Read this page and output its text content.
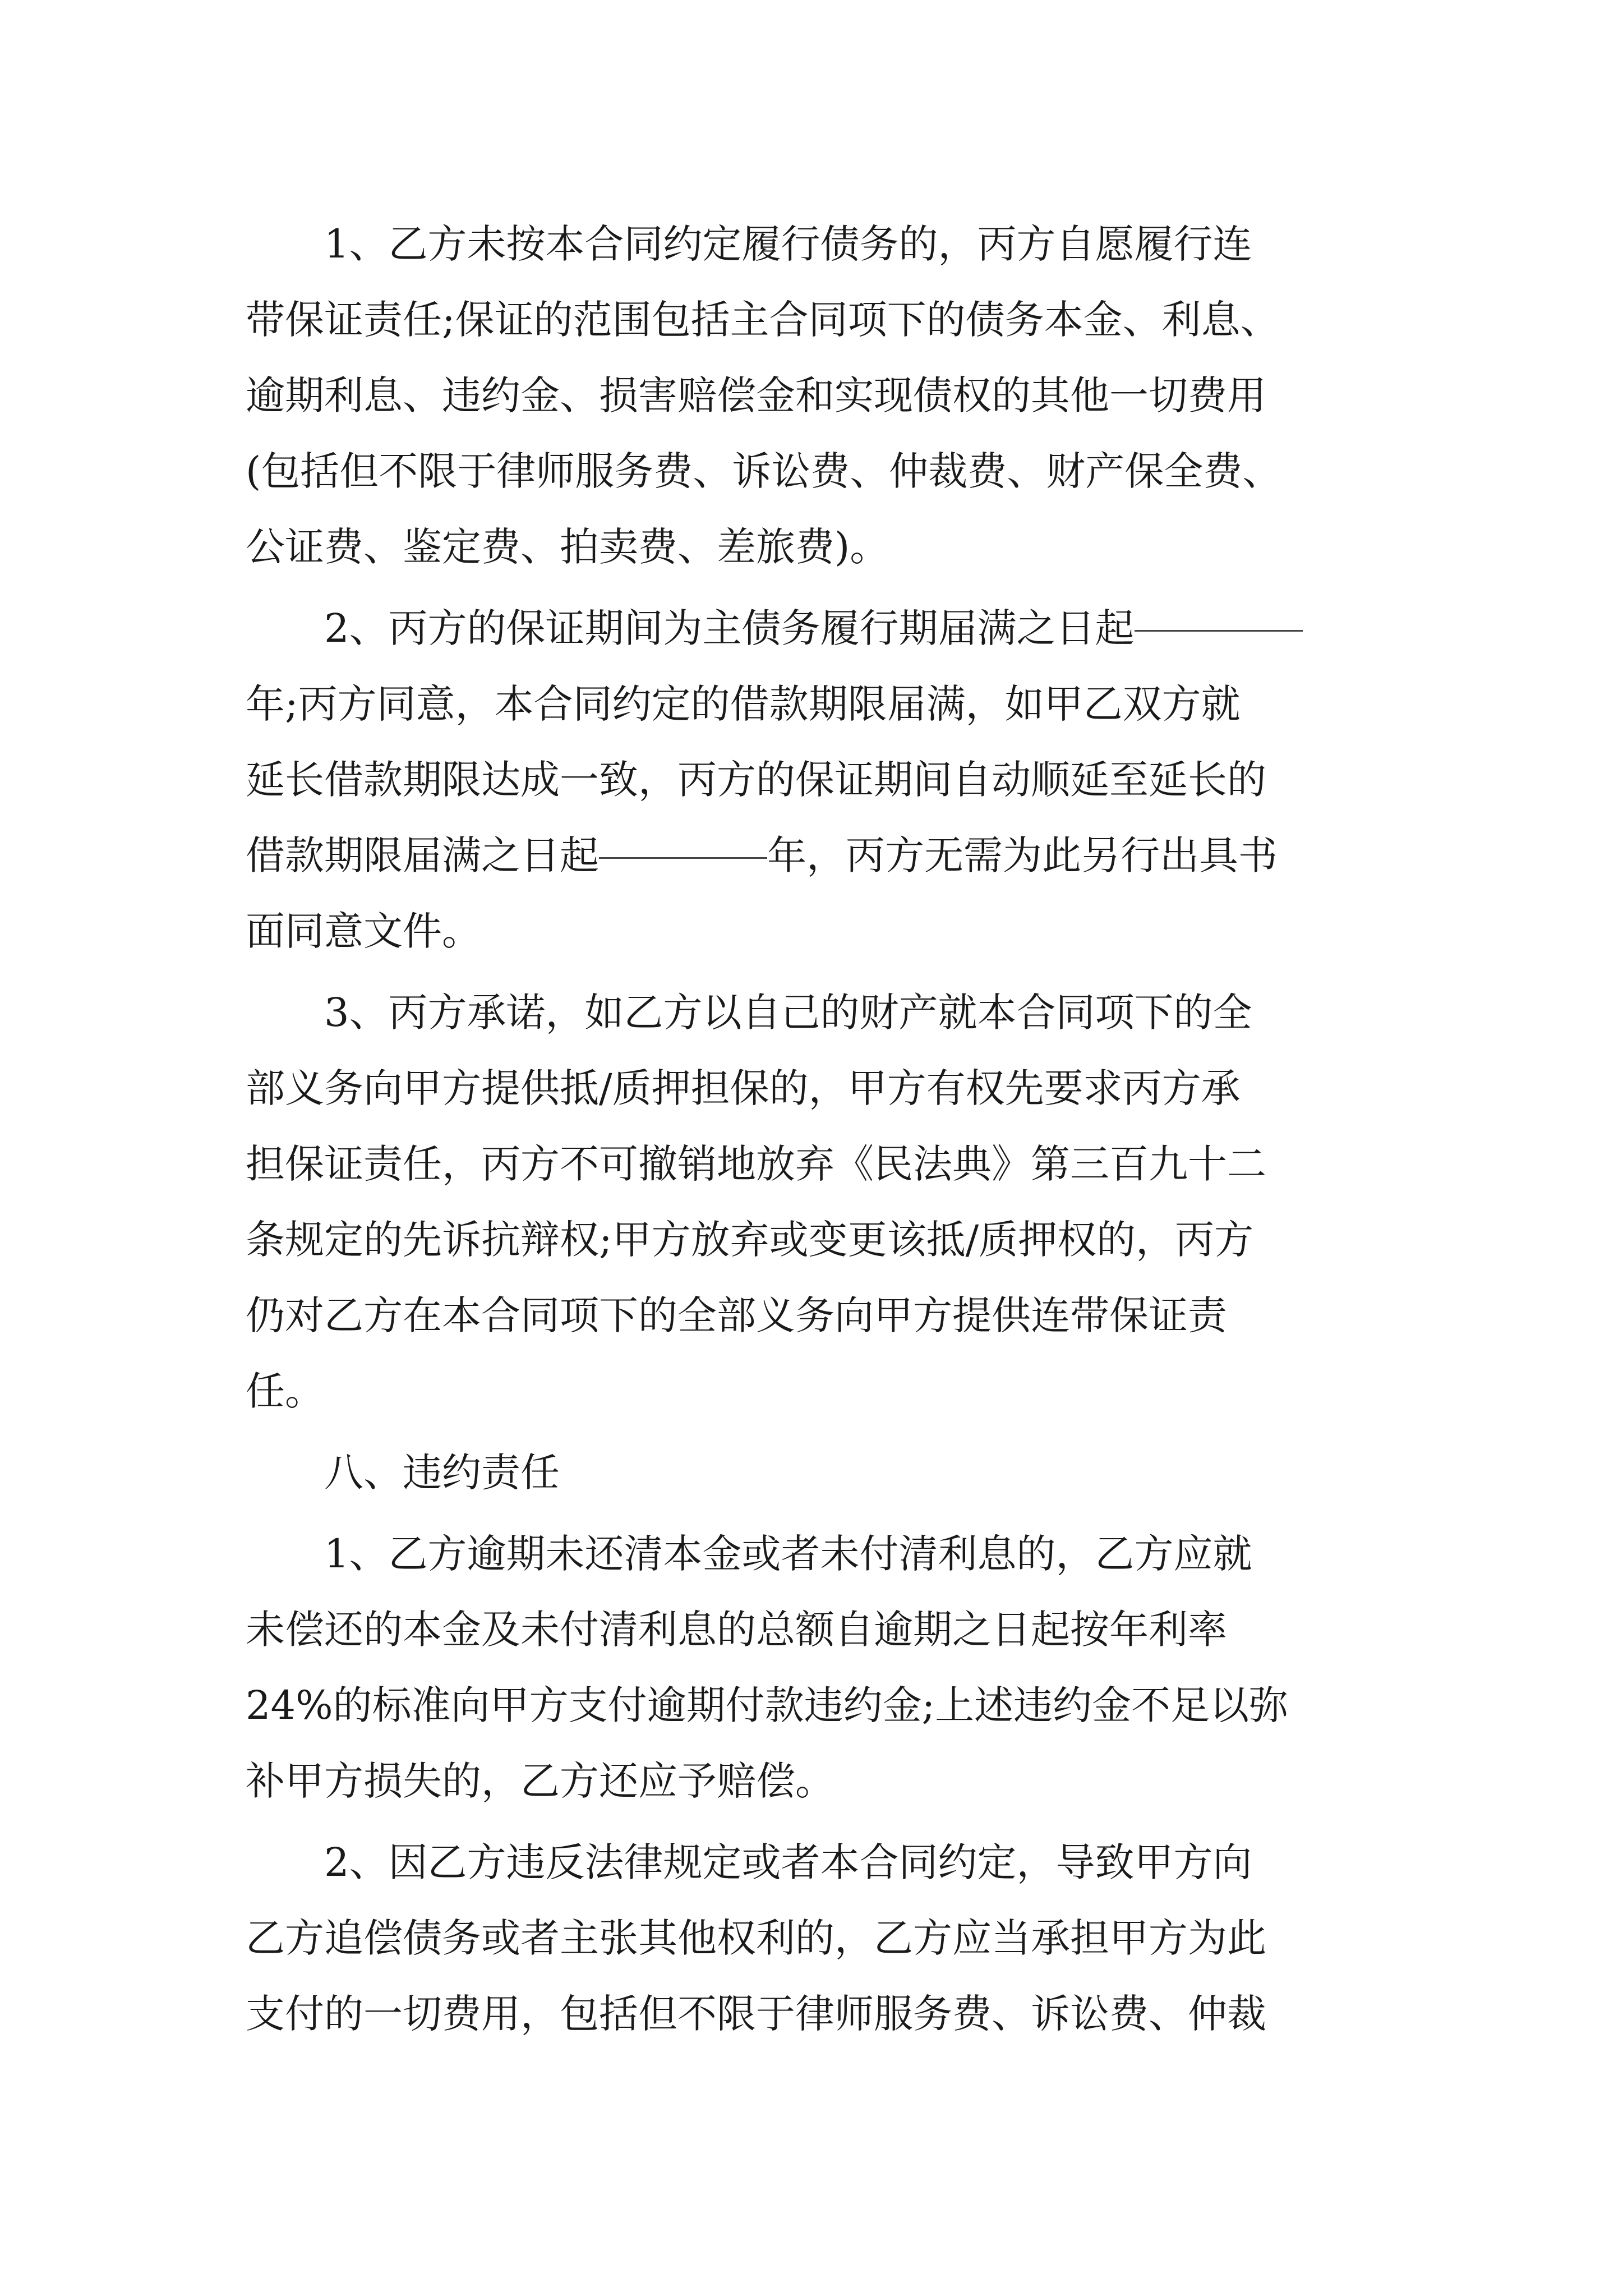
　　1、乙方未按本合同约定履行债务的，丙方自愿履行连
带保证责任;保证的范围包括主合同项下的债务本金、利息、
逾期利息、违约金、损害赔偿金和实现债权的其他一切费用
(包括但不限于律师服务费、诉讼费、仲裁费、财产保全费、
公证费、鉴定费、拍卖费、差旅费)。
　　2、丙方的保证期间为主债务履行期届满之日起
年;丙方同意，本合同约定的借款期限届满，如甲乙双方就
延长借款期限达成一致，丙方的保证期间自动顺延至延长的
借款期限届满之日起	年，丙方无需为此另行出具书
面同意文件。
　　3、丙方承诺，如乙方以自己的财产就本合同项下的全
部义务向甲方提供抵/质押担保的，甲方有权先要求丙方承
担保证责任，丙方不可撤销地放弃《民法典》第三百九十二
条规定的先诉抗辩权;甲方放弃或变更该抵/质押权的，丙方
仍对乙方在本合同项下的全部义务向甲方提供连带保证责
任。
　　八、违约责任
　　1、乙方逾期未还清本金或者未付清利息的，乙方应就
未偿还的本金及未付清利息的总额自逾期之日起按年利率
24%的标准向甲方支付逾期付款违约金;上述违约金不足以弥
补甲方损失的，乙方还应予赔偿。
　　2、因乙方违反法律规定或者本合同约定，导致甲方向
乙方追偿债务或者主张其他权利的，乙方应当承担甲方为此
支付的一切费用，包括但不限于律师服务费、诉讼费、仲裁
